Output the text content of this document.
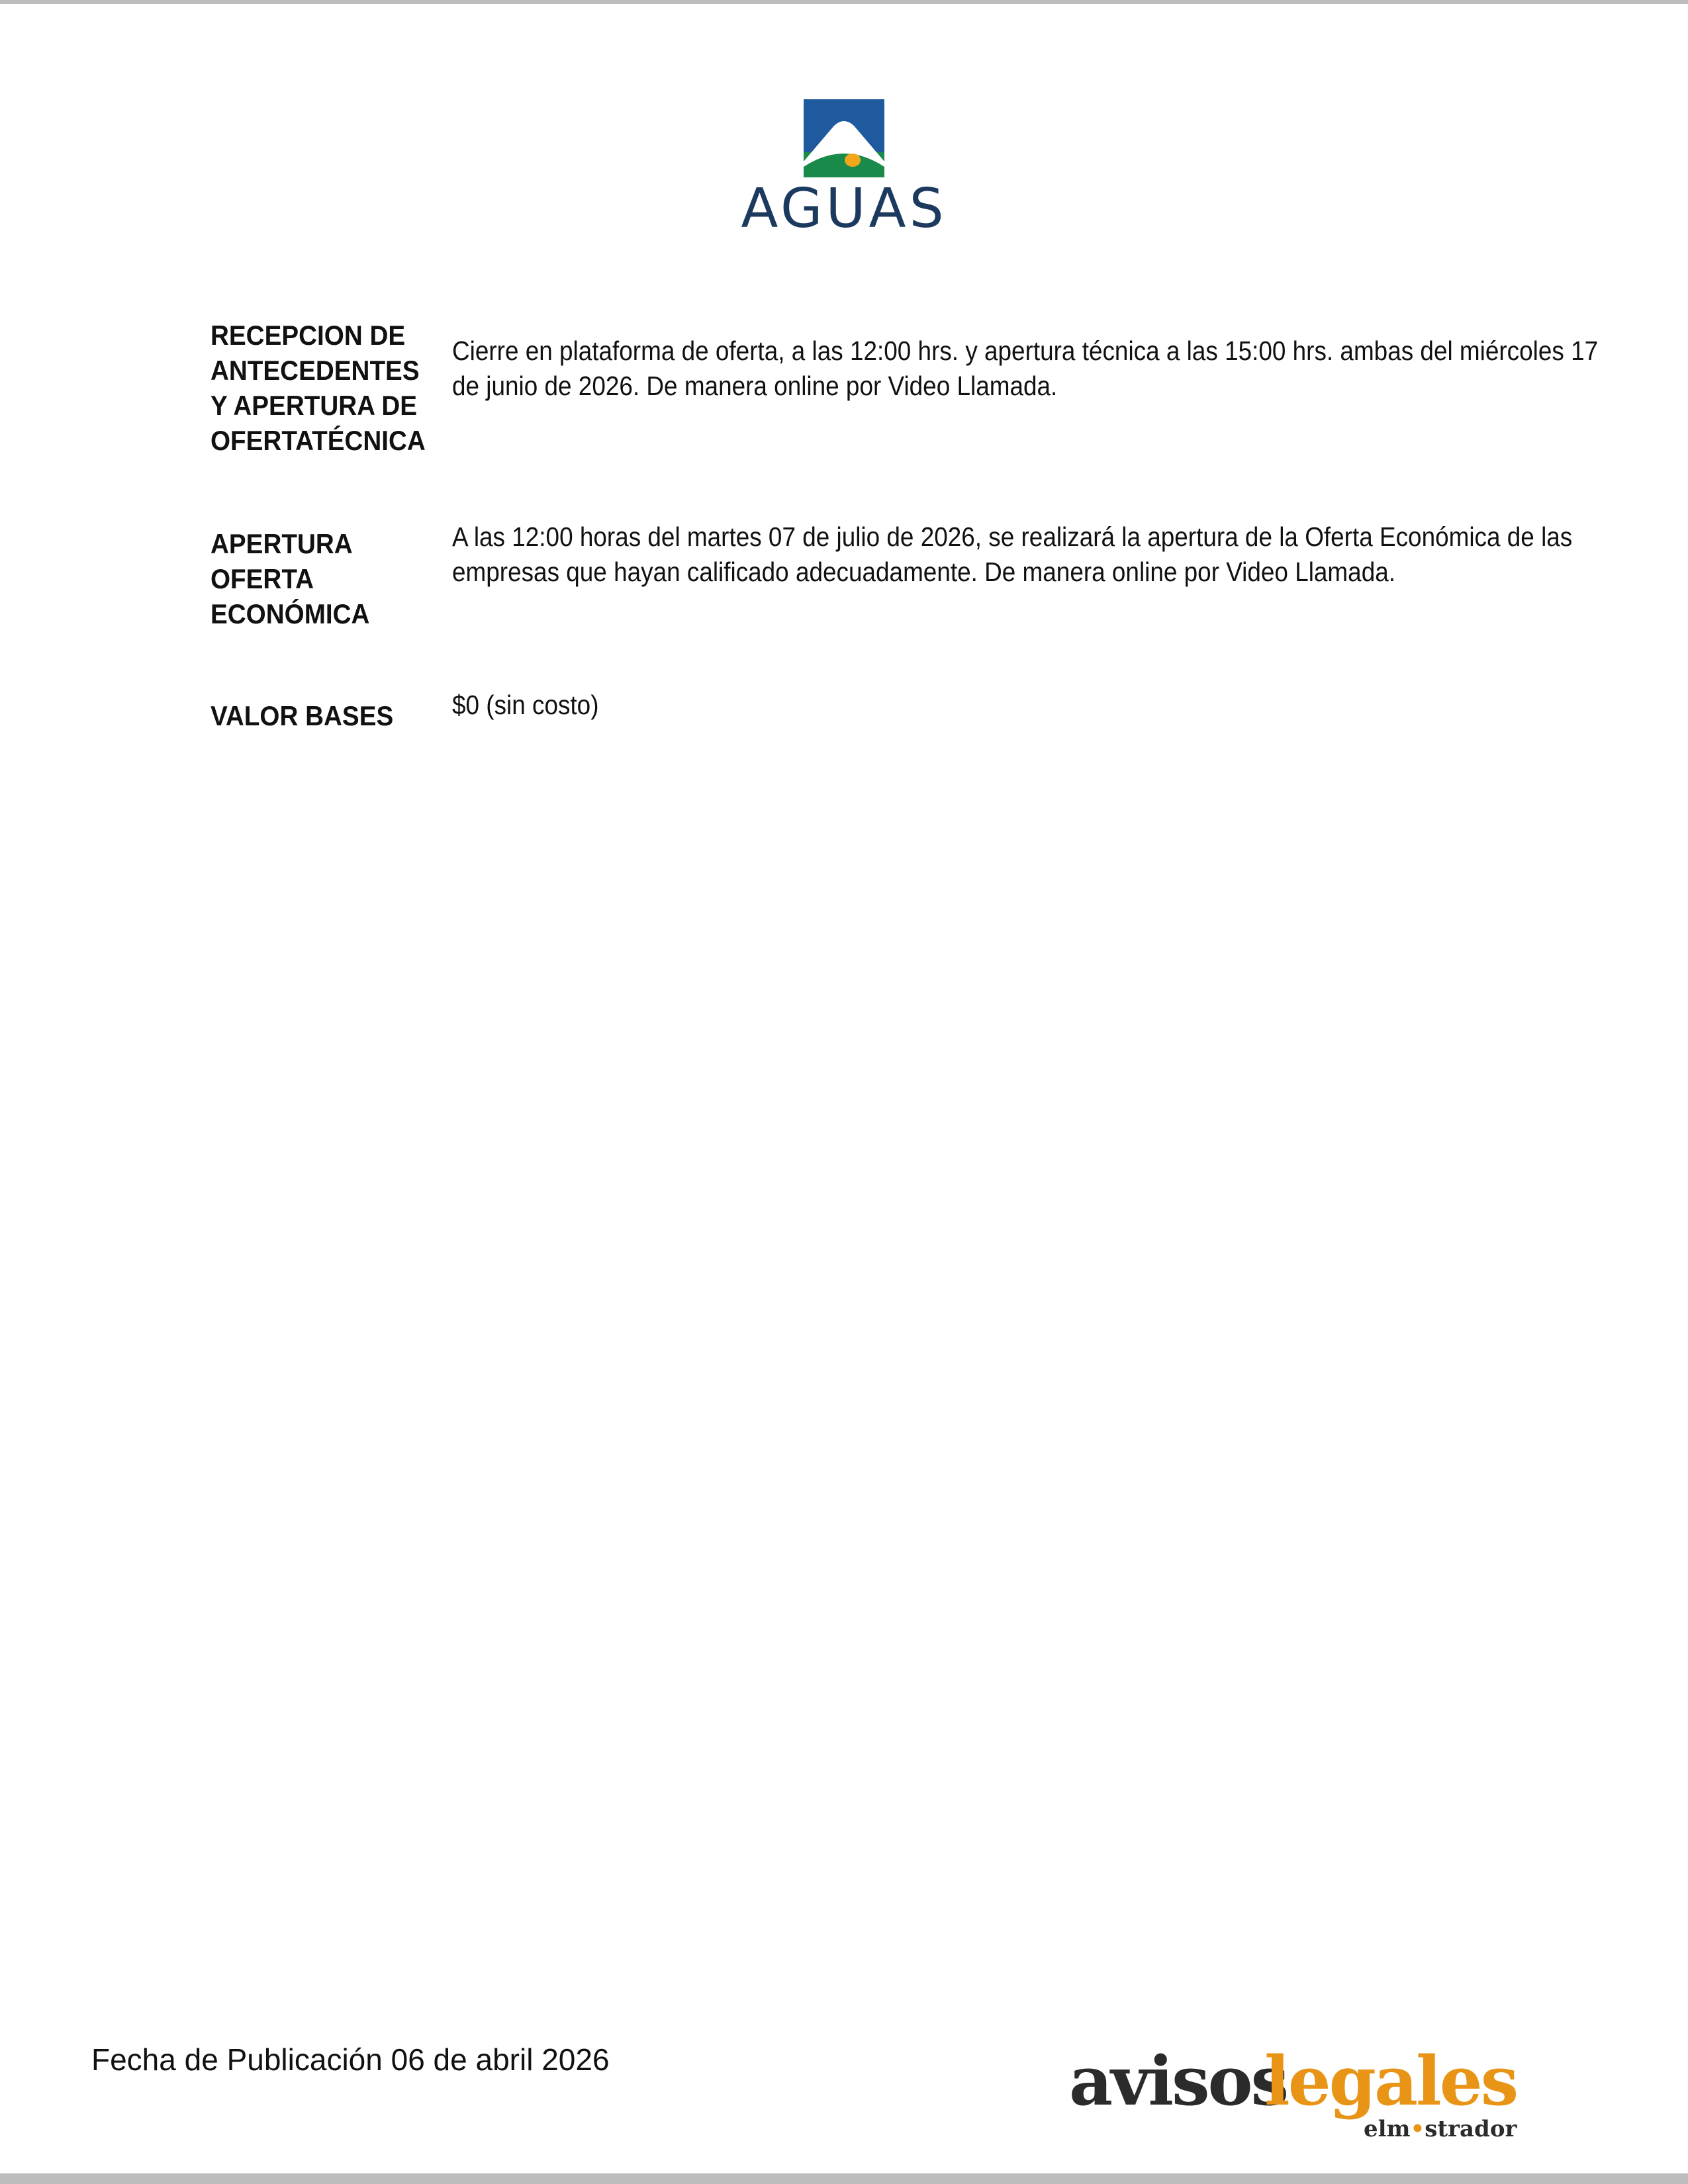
AGUAS
RECEPCION DE
ANTECEDENTES
Y APERTURA DE
OFERTATÉCNICA
Cierre en plataforma de oferta, a las 12:00 hrs. y apertura técnica a las 15:00 hrs. ambas del miércoles 17 de junio de 2026. De manera online por Video Llamada.
APERTURA
OFERTA
ECONÓMICA
A las 12:00 horas del martes 07 de julio de 2026, se realizará la apertura de la Oferta Económica de las empresas que hayan calificado adecuadamente. De manera online por Video Llamada.
VALOR BASES	$0 (sin costo)
Fecha de Publicación 06 de abril 2026	avisos
legales
elm•strador
